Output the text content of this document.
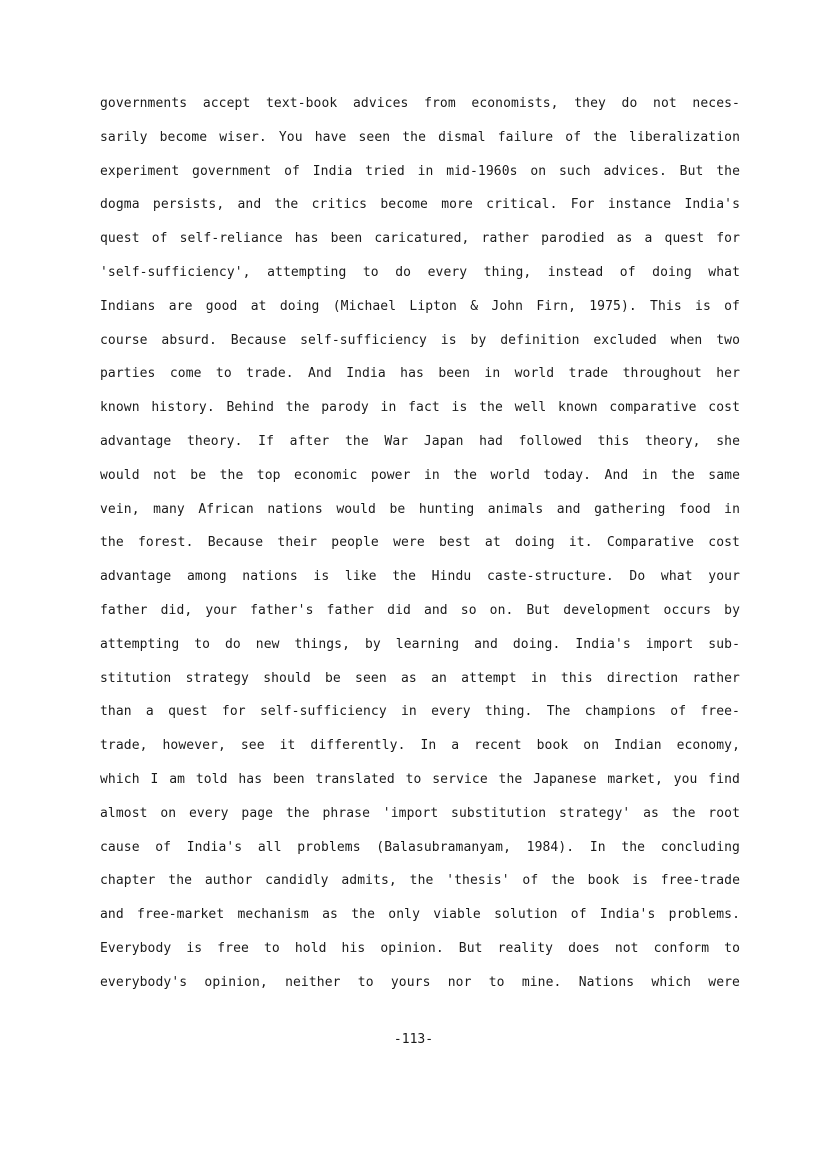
governments accept text-book advices from economists, they do not neces-
sarily become wiser. You have seen the dismal failure of the liberalization
experiment government of India tried in mid-1960s on such advices. But the
dogma persists, and the critics become more critical. For instance India's
quest of self-reliance has been caricatured, rather parodied as a quest for
'self-sufficiency', attempting to do every thing, instead of doing what
Indians are good at doing (Michael Lipton & John Firn, 1975). This is of
course absurd. Because self-sufficiency is by definition excluded when two
parties come to trade. And India has been in world trade throughout her
known history. Behind the parody in fact is the well known comparative cost
advantage theory. If after the War Japan had followed this theory, she
would not be the top economic power in the world today. And in the same
vein, many African nations would be hunting animals and gathering food in
the forest. Because their people were best at doing it. Comparative cost
advantage among nations is like the Hindu caste-structure. Do what your
father did, your father's father did and so on. But development occurs by
attempting to do new things, by learning and doing. India's import sub-
stitution strategy should be seen as an attempt in this direction rather
than a quest for self-sufficiency in every thing. The champions of free-
trade, however, see it differently. In a recent book on Indian economy,
which I am told has been translated to service the Japanese market, you find
almost on every page the phrase 'import substitution strategy' as the root
cause of India's all problems (Balasubramanyam, 1984). In the concluding
chapter the author candidly admits, the 'thesis' of the book is free-trade
and free-market mechanism as the only viable solution of India's problems.
Everybody is free to hold his opinion. But reality does not conform to
everybody's opinion, neither to yours nor to mine. Nations which were
-113-
